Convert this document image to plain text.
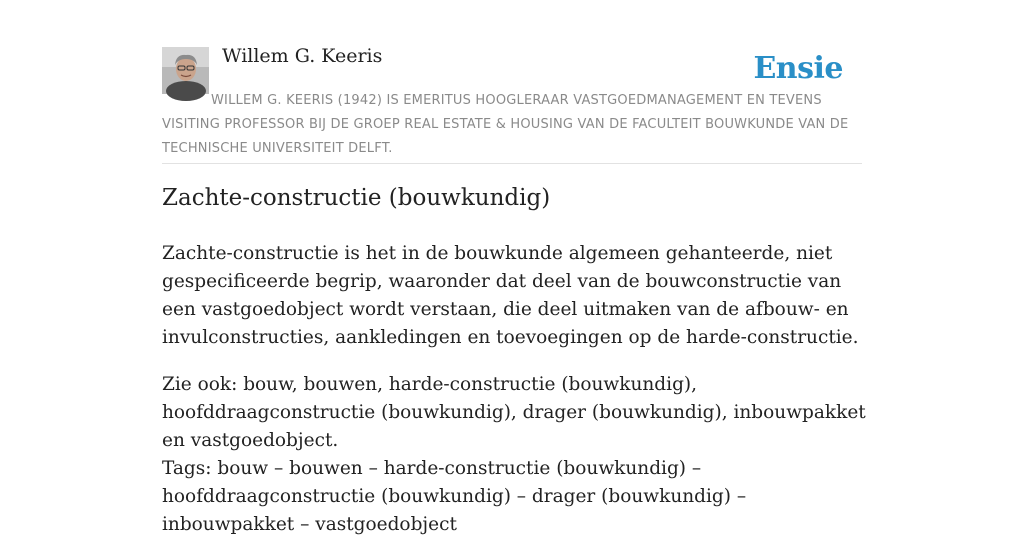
Willem G. Keeris	Ensie
WILLEM G. KEERIS (1942) IS EMERITUS HOOGLERAAR VASTGOEDMANAGEMENT EN TEVENS VISITING PROFESSOR BIJ DE GROEP REAL ESTATE & HOUSING VAN DE FACULTEIT BOUWKUNDE VAN DE TECHNISCHE UNIVERSITEIT DELFT.
Zachte-constructie (bouwkundig)

Zachte-constructie is het in de bouwkunde algemeen gehanteerde, niet gespecificeerde begrip, waaronder dat deel van de bouwconstructie van een vastgoedobject wordt verstaan, die deel uitmaken van de afbouw- en invulconstructies, aankledingen en toevoegingen op de harde-constructie.

Zie ook: bouw, bouwen, harde-constructie (bouwkundig), hoofddraagconstructie (bouwkundig), drager (bouwkundig), inbouwpakket en vastgoedobject.

Tags: bouw – bouwen – harde-constructie (bouwkundig) – hoofddraagconstructie (bouwkundig) – drager (bouwkundig) – inbouwpakket – vastgoedobject
